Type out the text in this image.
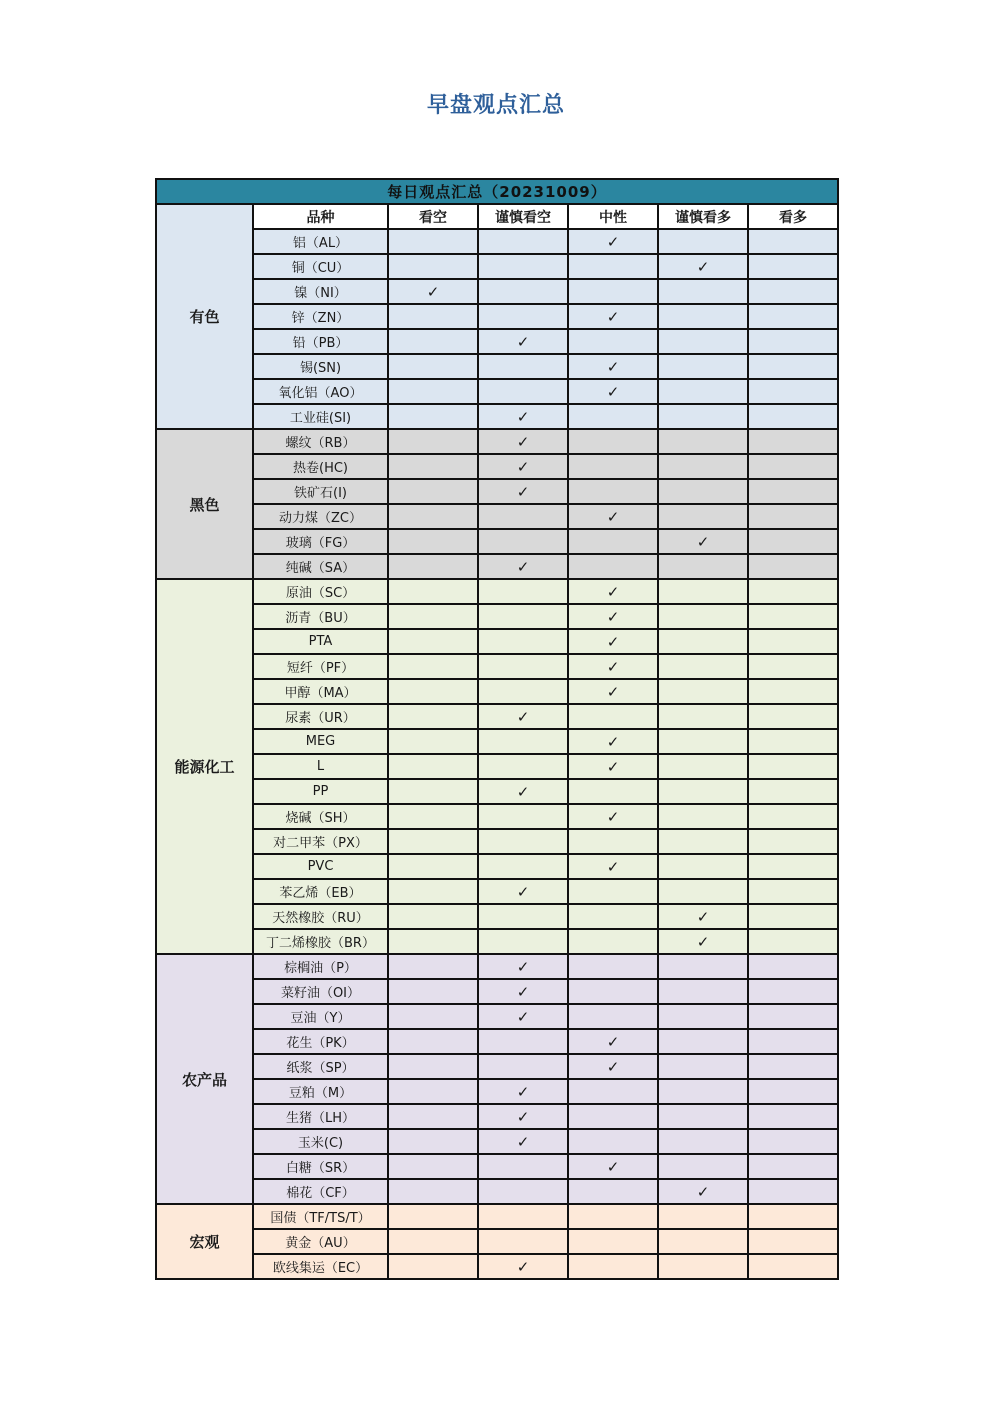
早盘观点汇总
每日观点汇总（20231009）						
有色	品种	看空	谨慎看空	中性	谨慎看多	看多
	铝（AL）			✓		
	铜（CU）				✓	
	镍（NI）	✓				
	锌（ZN）			✓		
	铅（PB）		✓			
	锡(SN)			✓		
	氧化铝（AO）			✓		
	工业硅(SI)		✓			
黑色	螺纹（RB）		✓			
	热卷(HC)		✓			
	铁矿石(I)		✓			
	动力煤（ZC）			✓		
	玻璃（FG）				✓	
	纯碱（SA）		✓			
能源化工	原油（SC）			✓		
	沥青（BU）			✓		
	PTA			✓		
	短纤（PF）			✓		
	甲醇（MA）			✓		
	尿素（UR）		✓			
	MEG			✓		
	L			✓		
	PP		✓			
	烧碱（SH）			✓		
	对二甲苯（PX）					
	PVC			✓		
	苯乙烯（EB）		✓			
	天然橡胶（RU）				✓	
	丁二烯橡胶（BR）				✓	
农产品	棕榈油（P）		✓			
	菜籽油（OI）		✓			
	豆油（Y）		✓			
	花生（PK）			✓		
	纸浆（SP）			✓		
	豆粕（M）		✓			
	生猪（LH）		✓			
	玉米(C)		✓			
	白糖（SR）			✓		
	棉花（CF）				✓	
宏观	国债（TF/TS/T）					
	黄金（AU）					
	欧线集运（EC）		✓			
